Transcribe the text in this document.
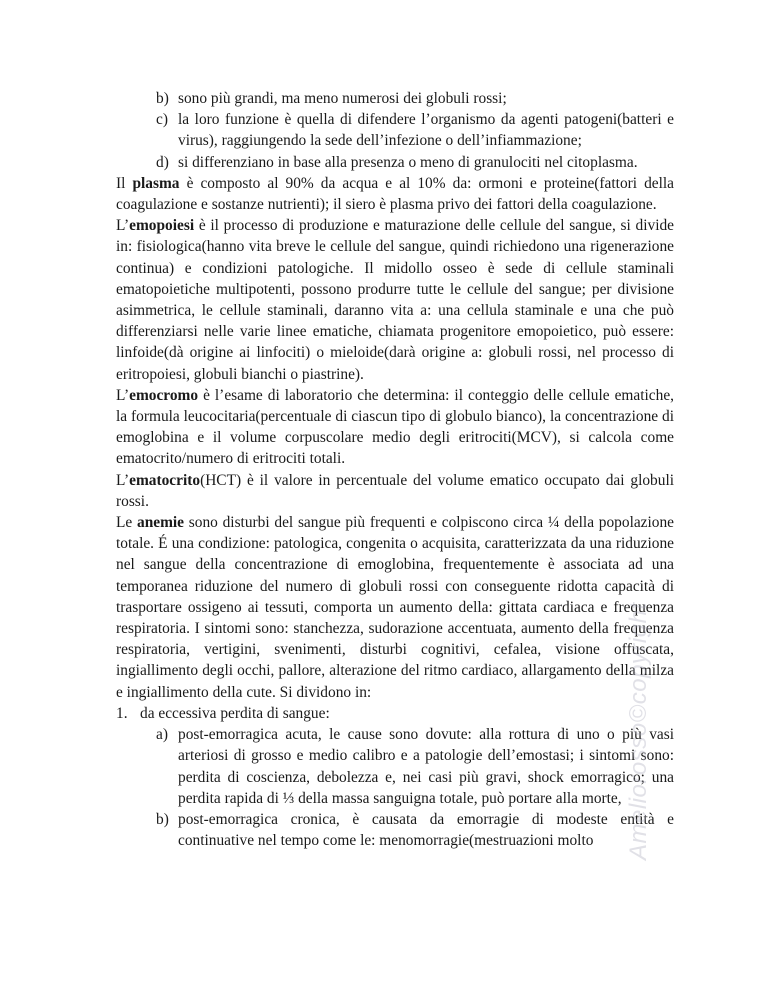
b) sono più grandi, ma meno numerosi dei globuli rossi;
c) la loro funzione è quella di difendere l’organismo da agenti patogeni(batteri e virus), raggiungendo la sede dell’infezione o dell’infiammazione;
d) si differenziano in base alla presenza o meno di granulociti nel citoplasma.

Il plasma è composto al 90% da acqua e al 10% da: ormoni e proteine(fattori della coagulazione e sostanze nutrienti); il siero è plasma privo dei fattori della coagulazione.

L’emopoiesi è il processo di produzione e maturazione delle cellule del sangue, si divide in: fisiologica(hanno vita breve le cellule del sangue, quindi richiedono una rigenerazione continua) e condizioni patologiche. Il midollo osseo è sede di cellule staminali ematopoietiche multipotenti, possono produrre tutte le cellule del sangue; per divisione asimmetrica, le cellule staminali, daranno vita a: una cellula staminale e una che può differenziarsi nelle varie linee ematiche, chiamata progenitore emopoietico, può essere: linfoide(dà origine ai linfociti) o mieloide(darà origine a: globuli rossi, nel processo di eritropoiesi, globuli bianchi o piastrine).

L’emocromo è l’esame di laboratorio che determina: il conteggio delle cellule ematiche, la formula leucocitaria(percentuale di ciascun tipo di globulo bianco), la concentrazione di emoglobina e il volume corpuscolare medio degli eritrociti(MCV), si calcola come ematocrito/numero di eritrociti totali.

L’ematocrito(HCT) è il valore in percentuale del volume ematico occupato dai globuli rossi.

Le anemie sono disturbi del sangue più frequenti e colpiscono circa ¼ della popolazione totale. É una condizione: patologica, congenita o acquisita, caratterizzata da una riduzione nel sangue della concentrazione di emoglobina, frequentemente è associata ad una temporanea riduzione del numero di globuli rossi con conseguente ridotta capacità di trasportare ossigeno ai tessuti, comporta un aumento della: gittata cardiaca e frequenza respiratoria. I sintomi sono: stanchezza, sudorazione accentuata, aumento della frequenza respiratoria, vertigini, svenimenti, disturbi cognitivi, cefalea, visione offuscata, ingiallimento degli occhi, pallore, alterazione del ritmo cardiaco, allargamento della milza e ingiallimento della cute. Si dividono in:

1. da eccessiva perdita di sangue:
a) post-emorragica acuta, le cause sono dovute: alla rottura di uno o più vasi arteriosi di grosso e medio calibro e a patologie dell’emostasi; i sintomi sono: perdita di coscienza, debolezza e, nei casi più gravi, shock emorragico; una perdita rapida di ⅓ della massa sanguigna totale, può portare alla morte,
b) post-emorragica cronica, è causata da emorragie di modeste entità e continuative nel tempo come le: menomorragie(mestruazioni molto	Ameliorosso©copyright
